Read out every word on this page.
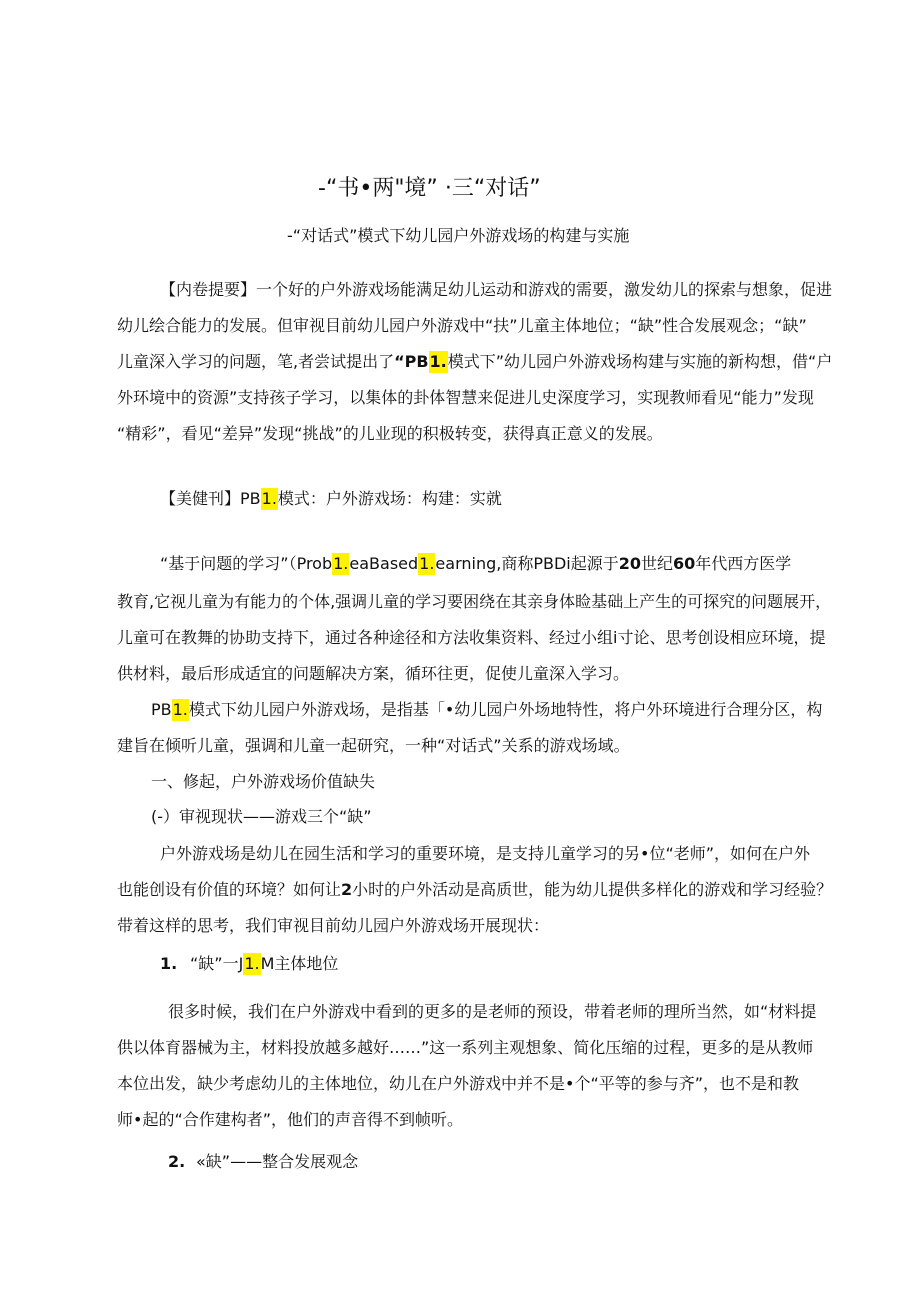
-“书•两"境” ·三“对话”
-“对话式”模式下幼儿园户外游戏场的构建与实施
【内卷提要】一个好的户外游戏场能满足幼儿运动和游戏的需要，激发幼儿的探索与想象，促进
幼儿绘合能力的发展。但审视目前幼儿园户外游戏中“扶”儿童主体地位；“缺”性合发展观念；“缺”
儿童深入学习的问题，笔,者尝试提出了“PB1.模式下”幼儿园户外游戏场构建与实施的新构想，借“户
外环境中的资源”支持孩子学习，以集体的卦体智慧来促进儿史深度学习，实现教师看见“能力”发现
“精彩”，看见“差异”发现“挑战”的儿业现的积极转变，获得真正意义的发展。
【美健刊】PB1.模式：户外游戏场：构建：实就
“基于问题的学习”（Prob1.eaBased1.earning,商称PBDi起源于20世纪60年代西方医学
教育,它视儿童为有能力的个体,强调儿童的学习要困绕在其亲身体睑基础上产生的可探究的问题展开，
儿童可在教舞的协助支持下，通过各种途径和方法收集资料、经过小组i寸论、思考创设相应环境，提
供材料，最后形成适宜的问题解决方案，循环往更，促使儿童深入学习。
PB1.模式下幼儿园户外游戏场，是指基「•幼儿园户外场地特性，将户外环境进行合理分区，构
建旨在倾听儿童，强调和儿童一起研究，一种“对话式”关系的游戏场域。
一、修起，户外游戏场价值缺失
(-）审视现状——游戏三个“缺”
户外游戏场是幼儿在园生活和学习的重要环境，是支持儿童学习的另•位“老师”，如何在户外
也能创设有价值的环境？如何让2小时的户外活动是高质世，能为幼儿提供多样化的游戏和学习经验？
带着这样的思考，我们审视目前幼儿园户外游戏场开展现状：
1. “缺”一J1.M主体地位
很多时候，我们在户外游戏中看到的更多的是老师的预设，带着老师的理所当然，如“材料提
供以体育器械为主，材料投放越多越好……”这一系列主观想象、简化压缩的过程，更多的是从教师
本位出发，缺少考虑幼儿的主体地位，幼儿在户外游戏中并不是•个“平等的参与齐”，也不是和教
师•起的“合作建构者”，他们的声音得不到帧听。
2. «缺”——整合发展观念
